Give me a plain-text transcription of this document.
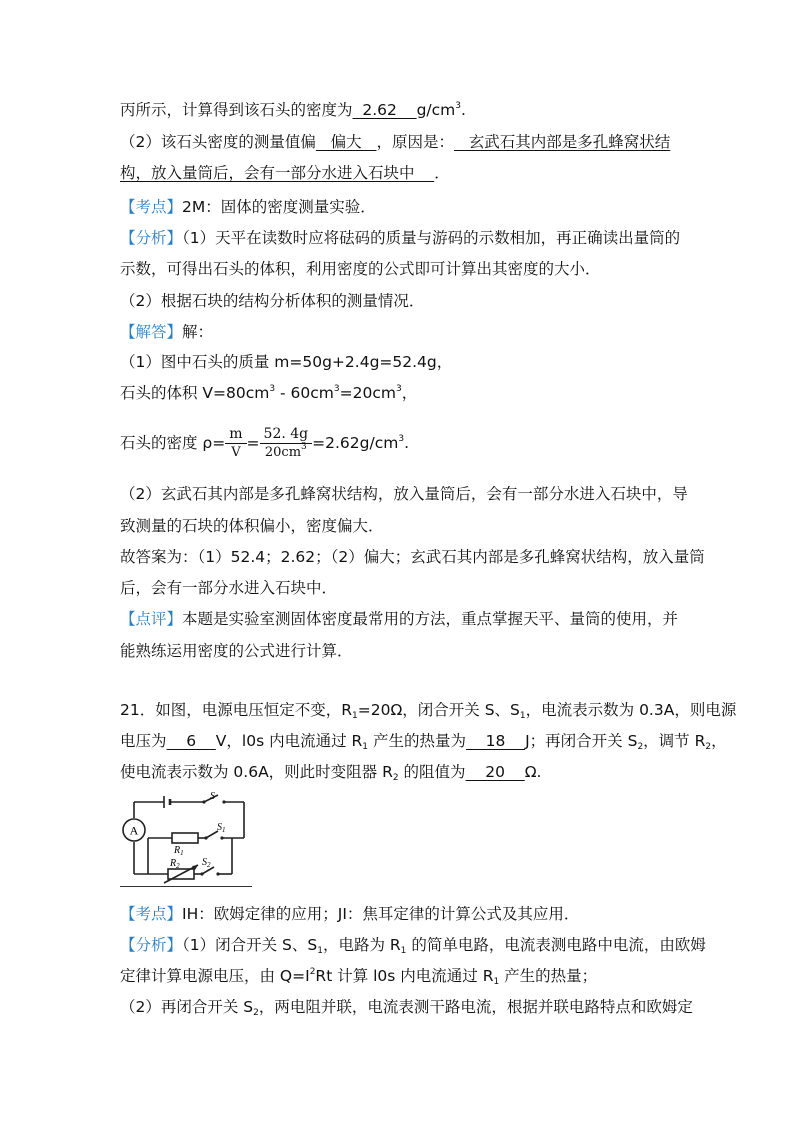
丙所示，计算得到该石头的密度为  2.62    $g/cm^3$.
（2）该石头密度的测量值偏   偏大   ，原因是：   玄武石其内部是多孔蜂窝状结
构，放入量筒后，会有一部分水进入石块中    ．
【考点】2M：固体的密度测量实验．
【分析】（1）天平在读数时应将砝码的质量与游码的示数相加，再正确读出量筒的
示数，可得出石头的体积，利用密度的公式即可计算出其密度的大小．
（2）根据石块的结构分析体积的测量情况．
【解答】解：
（1）图中石头的质量 m=50g+2.4g=52.4g，
石头的体积 $V=80cm^3 - 60cm^3=20cm^3$，
石头的密度 $\rho= \frac{m}{V} = \frac{52. 4g}{20cm^3} =2.62g/cm^3$.
（2）玄武石其内部是多孔蜂窝状结构，放入量筒后，会有一部分水进入石块中，导
致测量的石块的体积偏小，密度偏大．
故答案为：（1）52.4；2.62；（2）偏大；玄武石其内部是多孔蜂窝状结构，放入量筒
后，会有一部分水进入石块中．
【点评】本题是实验室测固体密度最常用的方法，重点掌握天平、量筒的使用，并
能熟练运用密度的公式进行计算．
21．如图，电源电压恒定不变，$R_1=20\Omega$，闭合开关 S、$S_1$，电流表示数为 0.3A，则电源
电压为    6    V，l0s 内电流通过 $R_1$ 产生的热量为    18    J；再闭合开关 $S_2$，调节 $R_2$，
使电流表示数为 0.6A，则此时变阻器 $R_2$ 的阻值为    20    Ω.
A
S
$R_1$
$S_1$
$R_2$ $S_2$
【考点】IH：欧姆定律的应用；JI：焦耳定律的计算公式及其应用．
【分析】（1）闭合开关 S、$S_1$，电路为 $R_1$ 的简单电路，电流表测电路中电流，由欧姆
定律计算电源电压，由 $Q=I^2Rt$ 计算 l0s 内电流通过 $R_1$ 产生的热量；
（2）再闭合开关 $S_2$，两电阻并联，电流表测干路电流，根据并联电路特点和欧姆定
